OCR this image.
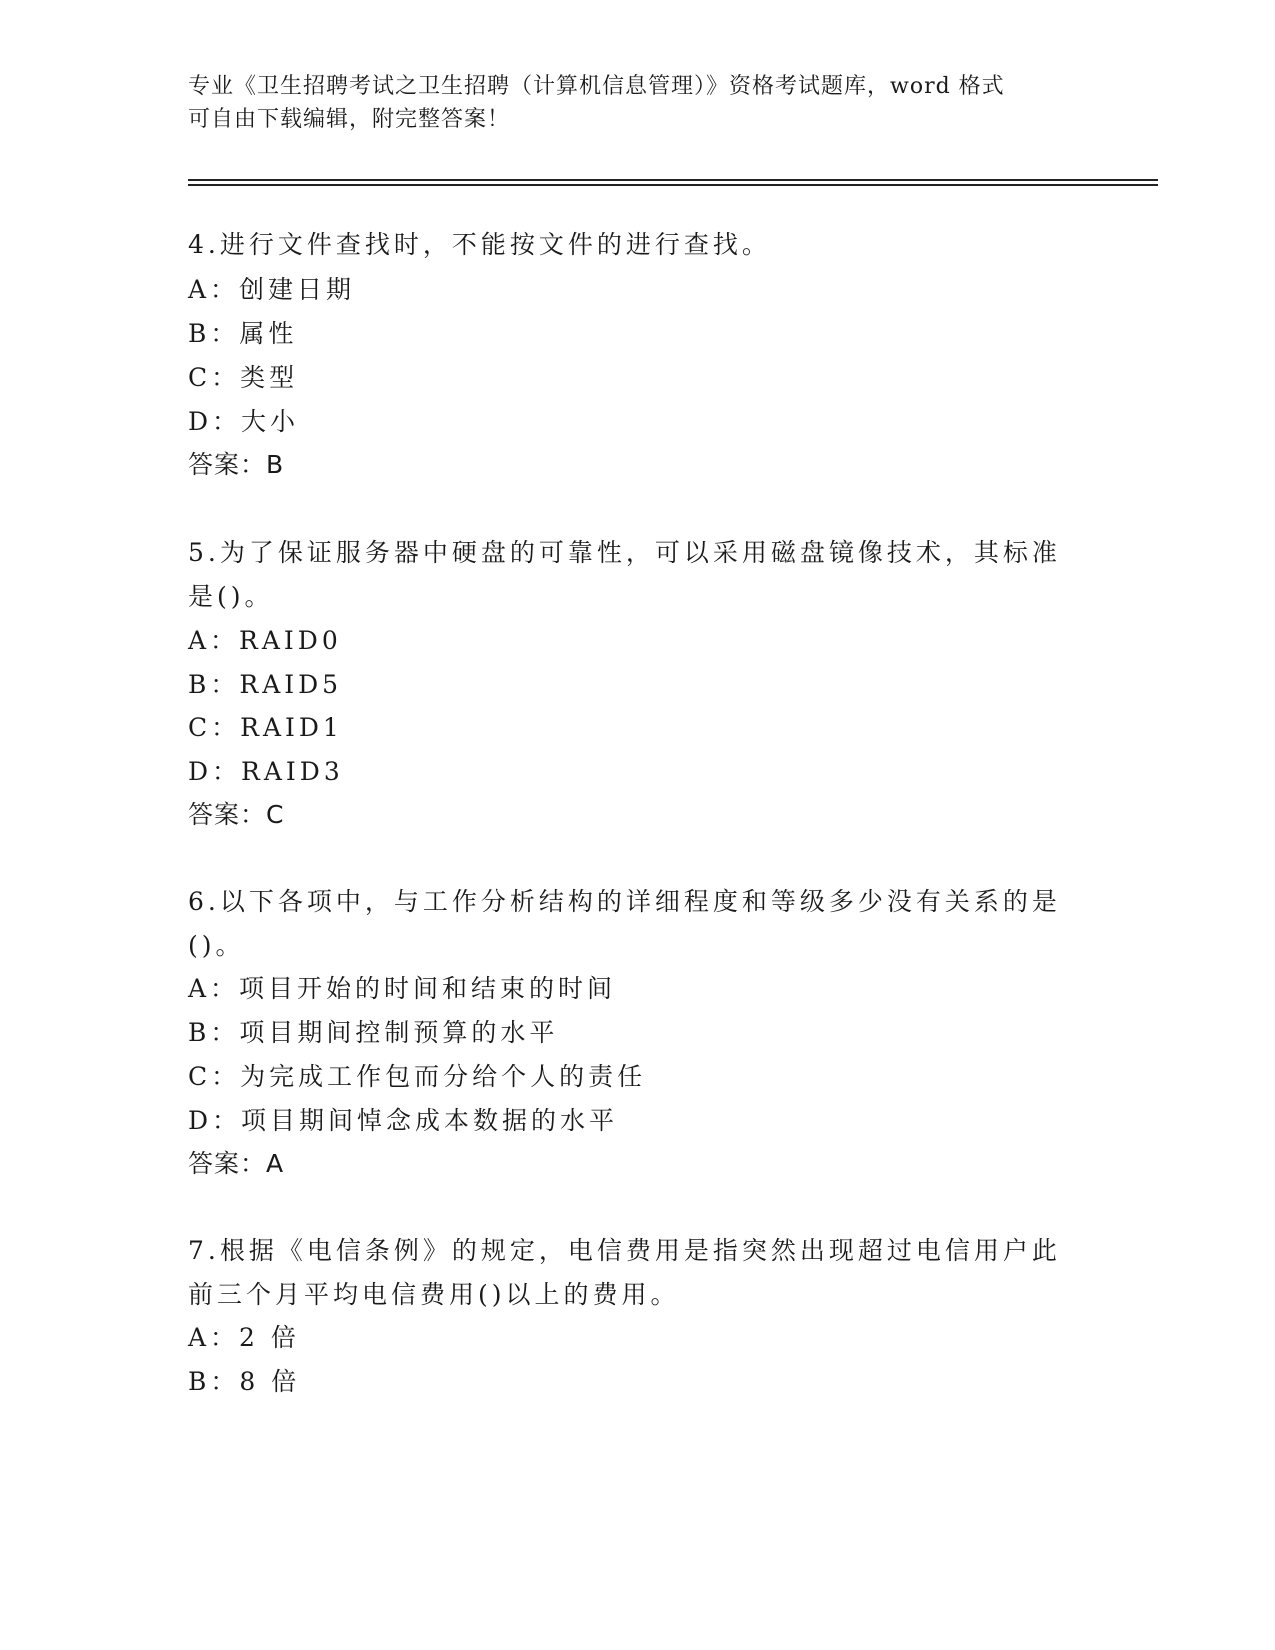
专业《卫生招聘考试之卫生招聘（计算机信息管理）》资格考试题库，word 格式
可自由下载编辑，附完整答案！
4.进行文件查找时，不能按文件的进行查找。
A：创建日期
B：属性
C：类型
D：大小
答案：B
5.为了保证服务器中硬盘的可靠性，可以采用磁盘镜像技术，其标准
是()。
A：RAID0
B：RAID5
C：RAID1
D：RAID3
答案：C
6.以下各项中，与工作分析结构的详细程度和等级多少没有关系的是
()。
A：项目开始的时间和结束的时间
B：项目期间控制预算的水平
C：为完成工作包而分给个人的责任
D：项目期间悼念成本数据的水平
答案：A
7.根据《电信条例》的规定，电信费用是指突然出现超过电信用户此
前三个月平均电信费用()以上的费用。
A：2 倍
B：8 倍
